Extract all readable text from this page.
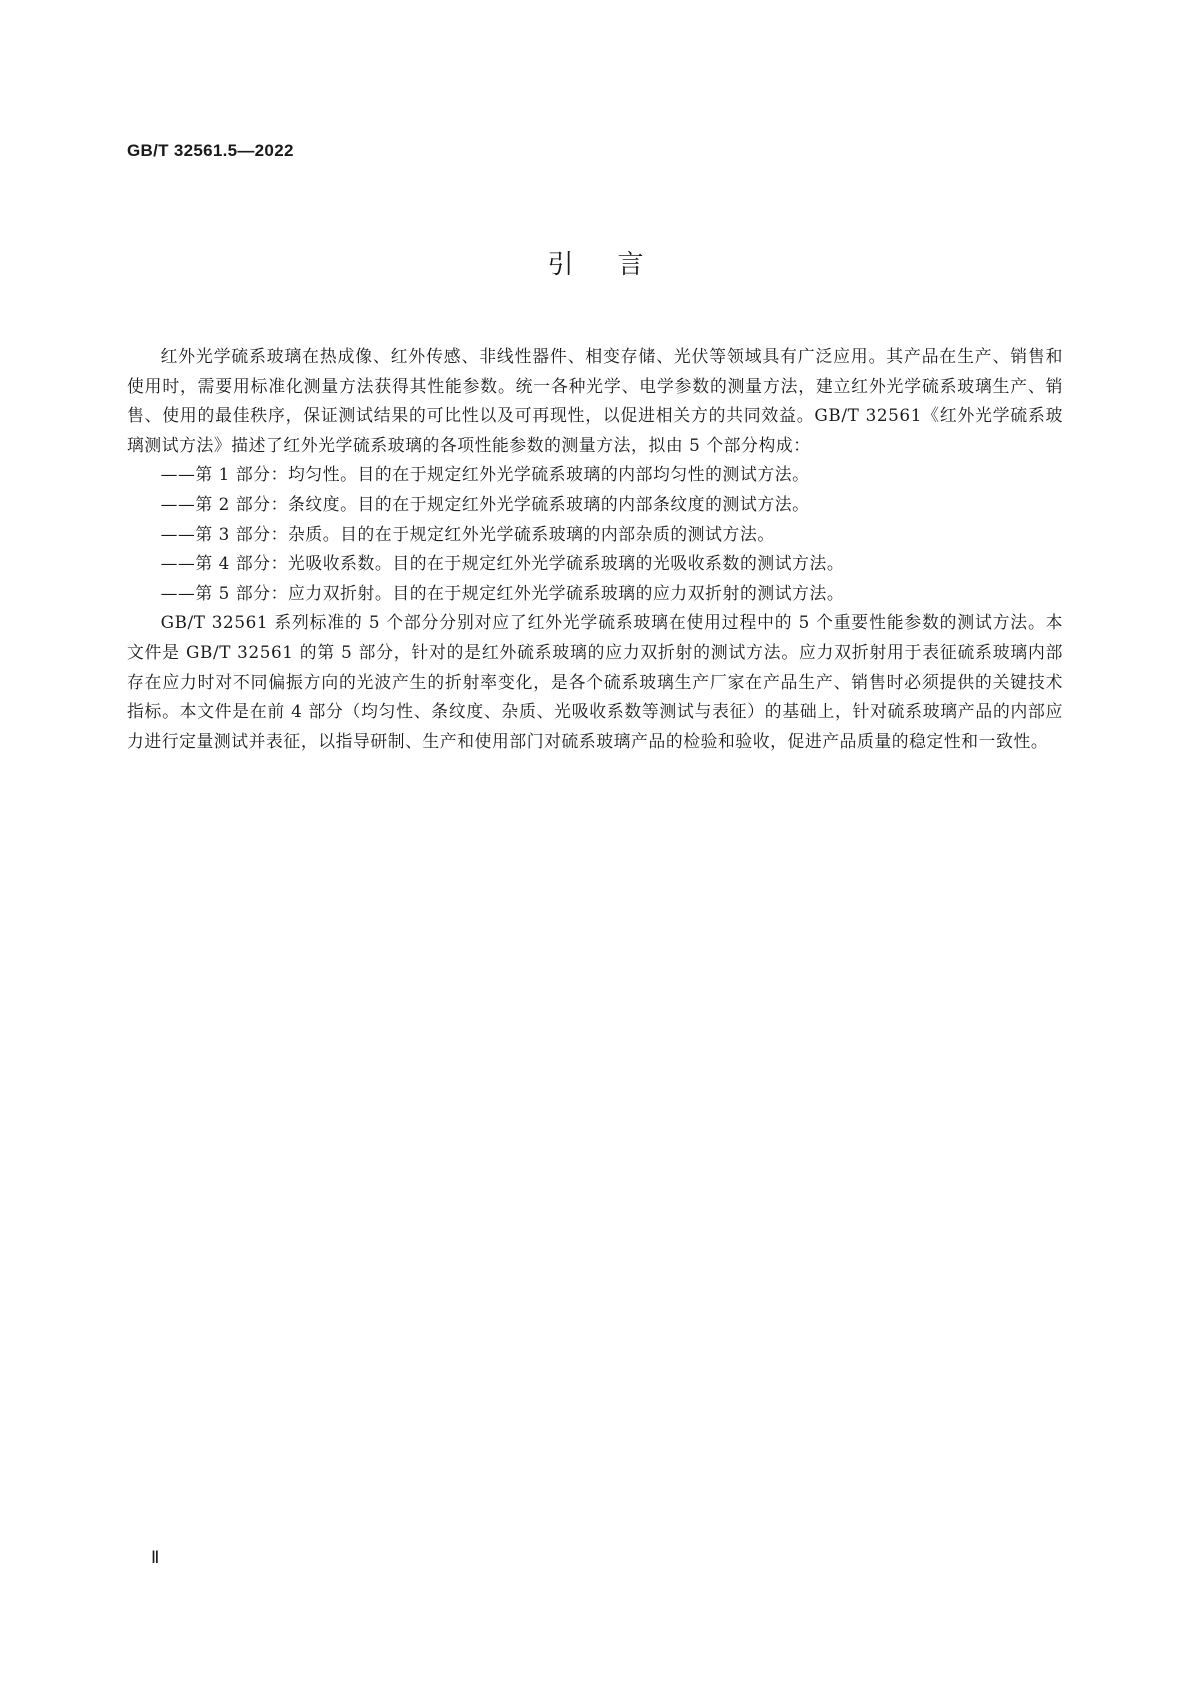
GB/T 32561.5—2022
引言

红外光学硫系玻璃在热成像、红外传感、非线性器件、相变存储、光伏等领域具有广泛应用。其产品在生产、销售和使用时，需要用标准化测量方法获得其性能参数。统一各种光学、电学参数的测量方法，建立红外光学硫系玻璃生产、销售、使用的最佳秩序，保证测试结果的可比性以及可再现性，以促进相关方的共同效益。GB/T 32561《红外光学硫系玻璃测试方法》描述了红外光学硫系玻璃的各项性能参数的测量方法，拟由 5 个部分构成：

——第 1 部分：均匀性。目的在于规定红外光学硫系玻璃的内部均匀性的测试方法。

——第 2 部分：条纹度。目的在于规定红外光学硫系玻璃的内部条纹度的测试方法。

——第 3 部分：杂质。目的在于规定红外光学硫系玻璃的内部杂质的测试方法。

——第 4 部分：光吸收系数。目的在于规定红外光学硫系玻璃的光吸收系数的测试方法。

——第 5 部分：应力双折射。目的在于规定红外光学硫系玻璃的应力双折射的测试方法。

GB/T 32561 系列标准的 5 个部分分别对应了红外光学硫系玻璃在使用过程中的 5 个重要性能参数的测试方法。本文件是 GB/T 32561 的第 5 部分，针对的是红外硫系玻璃的应力双折射的测试方法。应力双折射用于表征硫系玻璃内部存在应力时对不同偏振方向的光波产生的折射率变化，是各个硫系玻璃生产厂家在产品生产、销售时必须提供的关键技术指标。本文件是在前 4 部分（均匀性、条纹度、杂质、光吸收系数等测试与表征）的基础上，针对硫系玻璃产品的内部应力进行定量测试并表征，以指导研制、生产和使用部门对硫系玻璃产品的检验和验收，促进产品质量的稳定性和一致性。

Ⅱ
